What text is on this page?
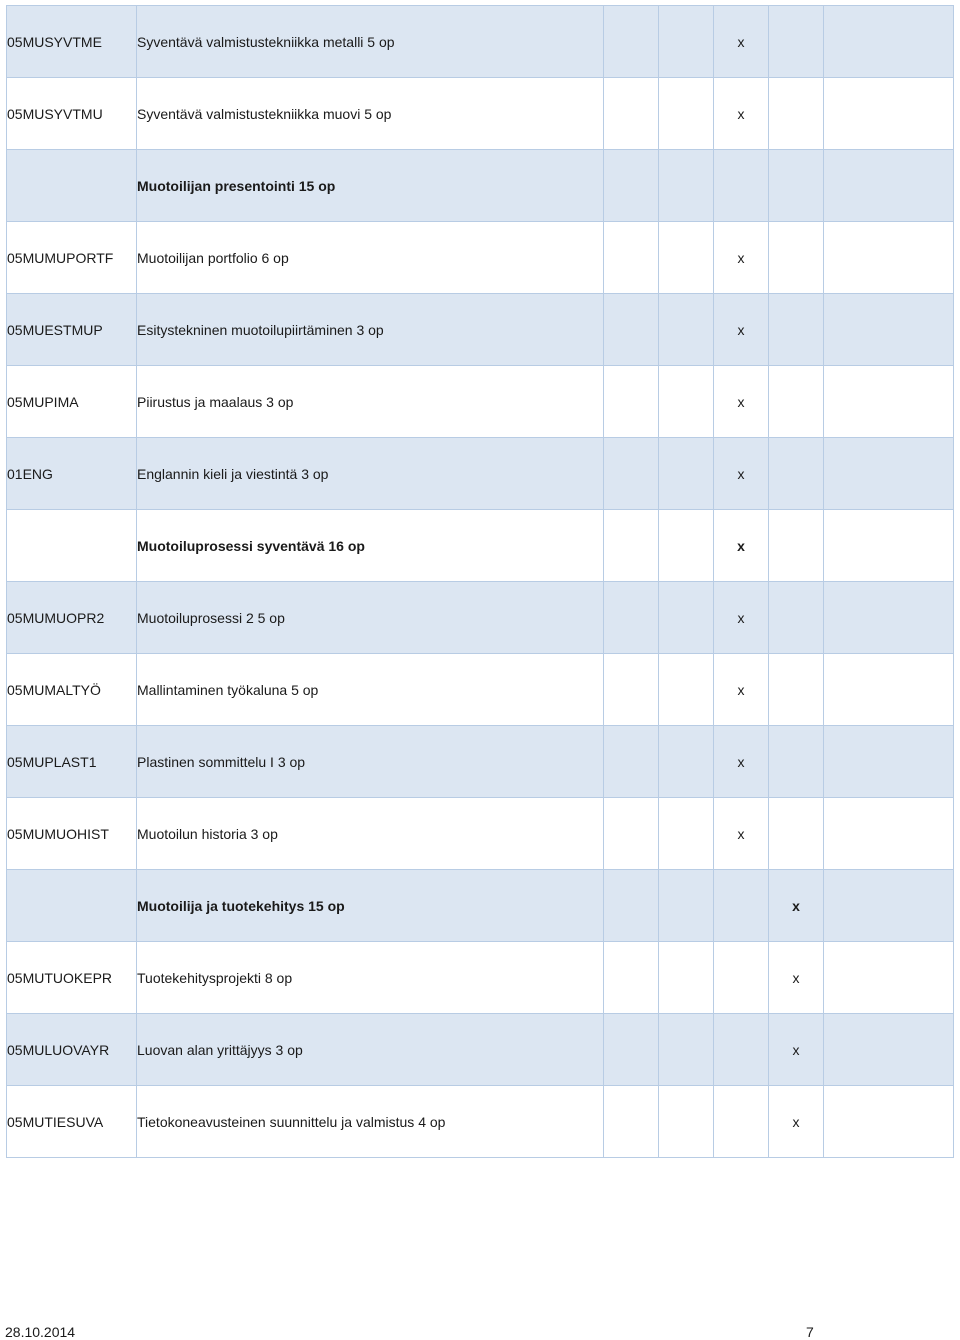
05MUSYVTME	Syventävä valmistustekniikka metalli 5 op			x		
05MUSYVTMU	Syventävä valmistustekniikka muovi 5 op			x		
	Muotoilijan presentointi 15 op					
05MUMUPORTF	Muotoilijan portfolio 6 op			x		
05MUESTMUP	Esitystekninen muotoilupiirtäminen 3 op			x		
05MUPIMA	Piirustus ja maalaus 3 op			x		
01ENG	Englannin kieli ja viestintä 3 op			x		
	Muotoiluprosessi syventävä 16 op			x		
05MUMUOPR2	Muotoiluprosessi 2 5 op			x		
05MUMALTYÖ	Mallintaminen työkaluna 5 op			x		
05MUPLAST1	Plastinen sommittelu I 3 op			x		
05MUMUOHIST	Muotoilun historia 3 op			x		
	Muotoilija ja tuotekehitys 15 op				x	
05MUTUOKEPR	Tuotekehitysprojekti 8 op				x	
05MULUOVAYR	Luovan alan yrittäjyys 3 op				x	
05MUTIESUVA	Tietokoneavusteinen suunnittelu ja valmistus 4 op				x	
28.10.2014	7
